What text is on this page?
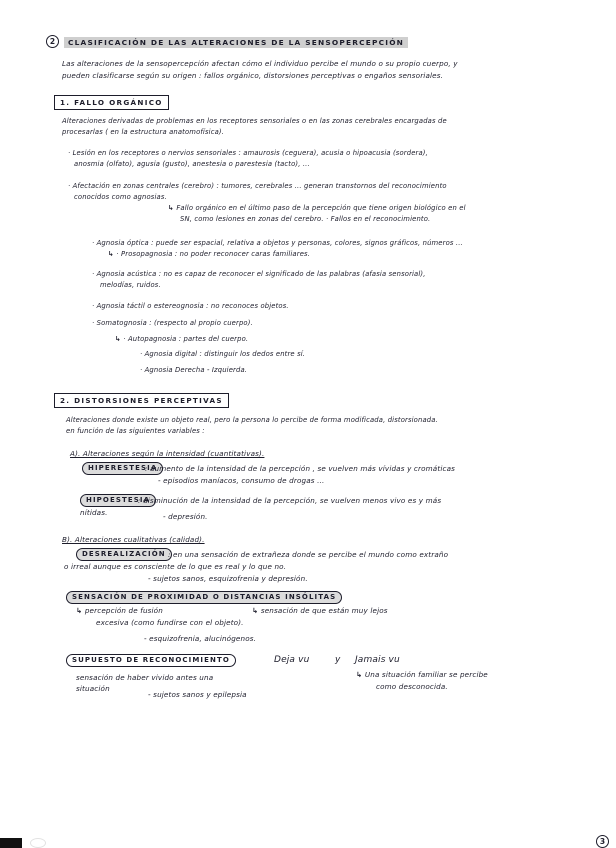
2	CLASIFICACIÓN DE LAS ALTERACIONES DE LA SENSOPERCEPCIÓN
Las alteraciones de la sensopercepción afectan cómo el individuo percibe el mundo o su propio cuerpo, y
pueden clasificarse según su origen : fallos orgánico, distorsiones perceptivas o engaños sensoriales.
1. FALLO ORGÁNICO
Alteraciones derivadas de problemas en los receptores sensoriales o en las zonas cerebrales encargadas de
procesarlas ( en la estructura anatomofísica).
· Lesión en los receptores o nervios sensoriales : amaurosis (ceguera), acusia o hipoacusia (sordera),
anosmia (olfato), agusia (gusto), anestesia o parestesia (tacto), ...
· Afectación en zonas centrales (cerebro) : tumores, cerebrales ... generan transtornos del reconocimiento
conocidos como agnosias.
↳ Fallo orgánico en el último paso de la percepción que tiene origen biológico en el
SN, como lesiones en zonas del cerebro. · Fallos en el reconocimiento.
· Agnosia óptica : puede ser espacial, relativa a objetos y personas, colores, signos gráficos, números ...
↳ · Prosopagnosia : no poder reconocer caras familiares.
· Agnosia acústica : no es capaz de reconocer el significado de las palabras (afasia sensorial),
melodías, ruidos.
· Agnosia táctil o estereognosia : no reconoces objetos.
· Somatognosia : (respecto al propio cuerpo).
↳ · Autopagnosia : partes del cuerpo.
· Agnosia digital : distinguir los dedos entre sí.
· Agnosia Derecha - Izquierda.
2. DISTORSIONES PERCEPTIVAS
Alteraciones donde existe un objeto real, pero la persona lo percibe de forma modificada, distorsionada.
en función de las siguientes variables :
A). Alteraciones según la intensidad (cuantitativas).
HIPERESTESIA
: aumento de la intensidad de la percepción , se vuelven más vívidas y cromáticas
- episodios maníacos, consumo de drogas ...
HIPOESTESIA
: disminución de la intensidad de la percepción, se vuelven menos vivo es y más
nítidas.	- depresión.
B). Alteraciones cualitativas (calidad).
DESREALIZACIÓN : en una sensación de extrañeza donde se percibe el mundo como extraño
o irreal aunque es consciente de lo que es real y lo que no.
- sujetos sanos, esquizofrenia y depresión.
SENSACIÓN DE PROXIMIDAD O DISTANCIAS INSÓLITAS
↳ percepción de fusión	↳ sensación de que están muy lejos
excesiva (como fundirse con el objeto).
- esquizofrenia, alucinógenos.
SUPUESTO DE RECONOCIMIENTO	Deja vu	y Jamais vu
sensación de haber vivido antes una
situación
↳ Una situación familiar se percibe
como desconocida.
- sujetos sanos y epilepsia
3
